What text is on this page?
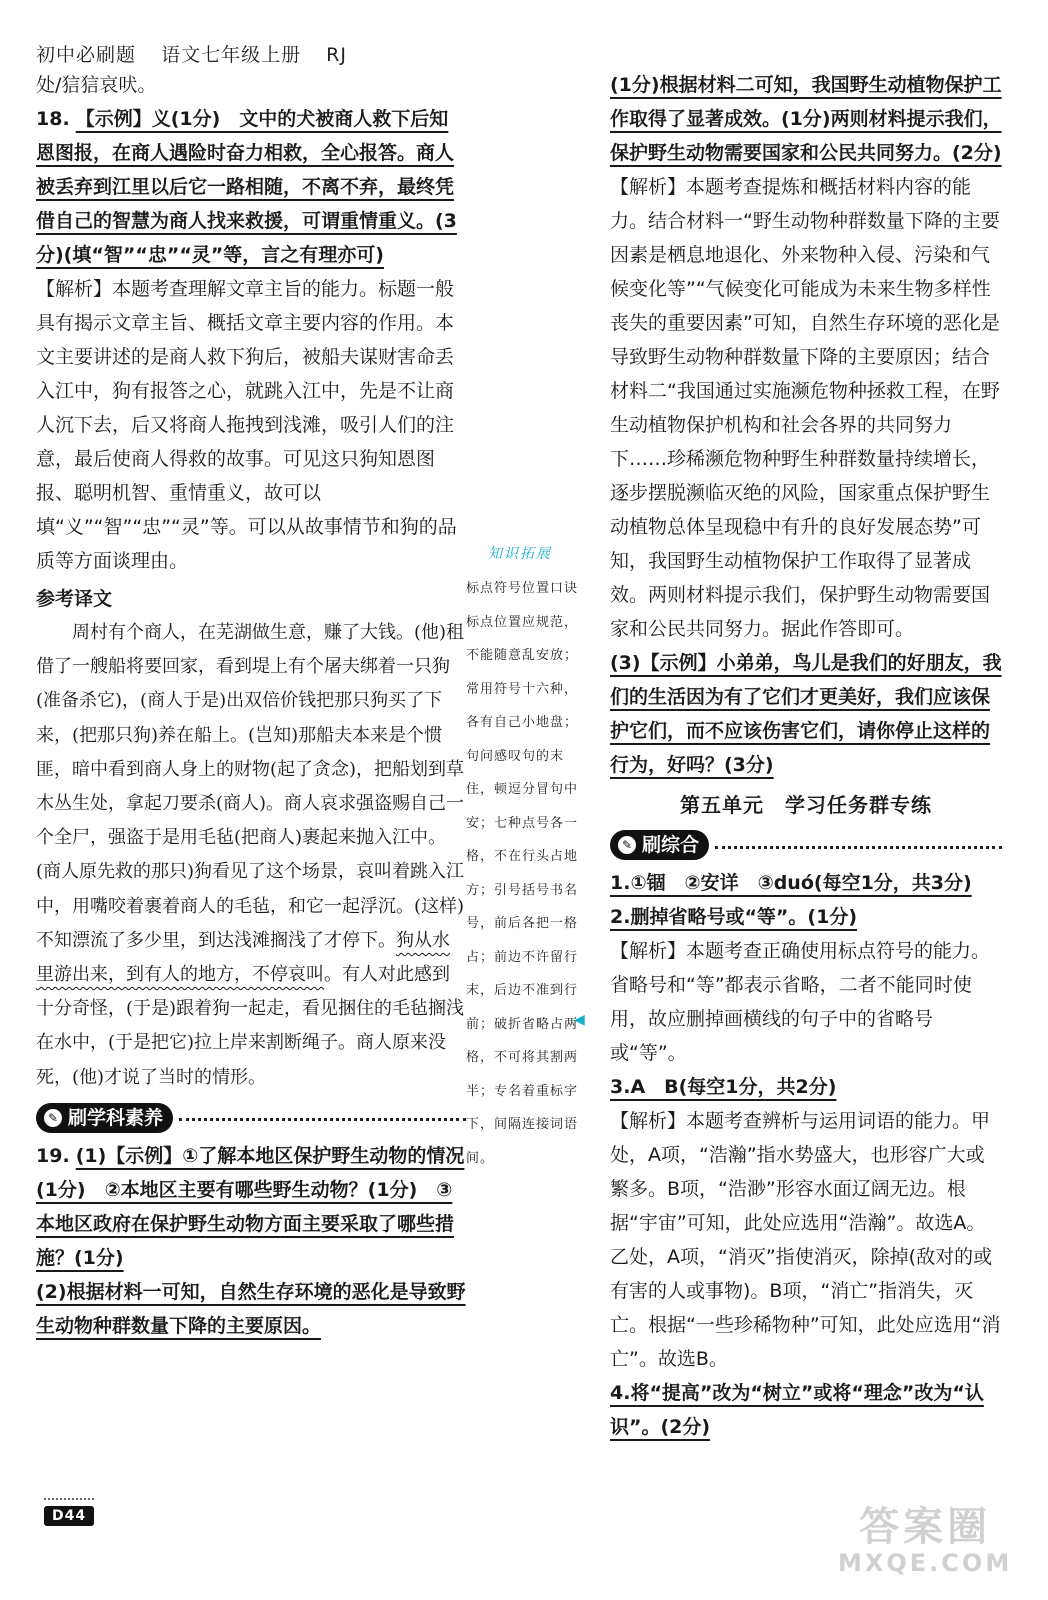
初中必刷题 语文七年级上册 RJ

处/狺狺哀吠。

18. 【示例】义(1分)　文中的犬被商人救下后知恩图报，在商人遇险时奋力相救，全心报答。商人被丢弃到江里以后它一路相随，不离不弃，最终凭借自己的智慧为商人找来救援，可谓重情重义。(3分)(填“智”“忠”“灵”等，言之有理亦可)

【解析】本题考查理解文章主旨的能力。标题一般具有揭示文章主旨、概括文章主要内容的作用。本文主要讲述的是商人救下狗后，被船夫谋财害命丢入江中，狗有报答之心，就跳入江中，先是不让商人沉下去，后又将商人拖拽到浅滩，吸引人们的注意，最后使商人得救的故事。可见这只狗知恩图报、聪明机智、重情重义，故可以填“义”“智”“忠”“灵”等。可以从故事情节和狗的品质等方面谈理由。

参考译文

周村有个商人，在芜湖做生意，赚了大钱。(他)租借了一艘船将要回家，看到堤上有个屠夫绑着一只狗(准备杀它)，(商人于是)出双倍价钱把那只狗买了下来，(把那只狗)养在船上。(岂知)那船夫本来是个惯匪，暗中看到商人身上的财物(起了贪念)，把船划到草木丛生处，拿起刀要杀(商人)。商人哀求强盗赐自己一个全尸，强盗于是用毛毡(把商人)裹起来抛入江中。(商人原先救的那只)狗看见了这个场景，哀叫着跳入江中，用嘴咬着裹着商人的毛毡，和它一起浮沉。(这样)不知漂流了多少里，到达浅滩搁浅了才停下。狗从水里游出来，到有人的地方，不停哀叫。有人对此感到十分奇怪，(于是)跟着狗一起走，看见捆住的毛毡搁浅在水中，(于是把它)拉上岸来割断绳子。商人原来没死，(他)才说了当时的情形。

✎ 刷学科素养

19. (1)【示例】①了解本地区保护野生动物的情况(1分)　②本地区主要有哪些野生动物？(1分)　③本地区政府在保护野生动物方面主要采取了哪些措施？(1分)

(2)根据材料一可知，自然生存环境的恶化是导致野生动物种群数量下降的主要原因。

知识拓展
标点符号位置口诀　标点位置应规范，不能随意乱安放；常用符号十六种，各有自己小地盘；句问感叹句的末住，顿逗分冒句中安；七种点号各一格，不在行头占地方；引号括号书名号，前后各把一格占；前边不许留行末，后边不准到行前；破折省略占两格，不可将其割两半；专名着重标字下，间隔连接词语间。
◀

(1分)根据材料二可知，我国野生动植物保护工作取得了显著成效。(1分)两则材料提示我们，保护野生动物需要国家和公民共同努力。(2分)

【解析】本题考查提炼和概括材料内容的能力。结合材料一“野生动物种群数量下降的主要因素是栖息地退化、外来物种入侵、污染和气候变化等”“气候变化可能成为未来生物多样性丧失的重要因素”可知，自然生存环境的恶化是导致野生动物种群数量下降的主要原因；结合材料二“我国通过实施濒危物种拯救工程，在野生动植物保护机构和社会各界的共同努力下……珍稀濒危物种野生种群数量持续增长，逐步摆脱濒临灭绝的风险，国家重点保护野生动植物总体呈现稳中有升的良好发展态势”可知，我国野生动植物保护工作取得了显著成效。两则材料提示我们，保护野生动物需要国家和公民共同努力。据此作答即可。

(3)【示例】小弟弟，鸟儿是我们的好朋友，我们的生活因为有了它们才更美好，我们应该保护它们，而不应该伤害它们，请你停止这样的行为，好吗？(3分)

第五单元　学习任务群专练

✎ 刷综合

1.①锢　②安详　③duó(每空1分，共3分)

2.删掉省略号或“等”。(1分)

【解析】本题考查正确使用标点符号的能力。省略号和“等”都表示省略，二者不能同时使用，故应删掉画横线的句子中的省略号或“等”。

3.A　B(每空1分，共2分)

【解析】本题考查辨析与运用词语的能力。甲处，A项，“浩瀚”指水势盛大，也形容广大或繁多。B项，“浩渺”形容水面辽阔无边。根据“宇宙”可知，此处应选用“浩瀚”。故选A。乙处，A项，“消灭”指使消灭，除掉(敌对的或有害的人或事物)。B项，“消亡”指消失，灭亡。根据“一些珍稀物种”可知，此处应选用“消亡”。故选B。

4.将“提高”改为“树立”或将“理念”改为“认识”。(2分)

D44	答案圈
MXQE.COM
